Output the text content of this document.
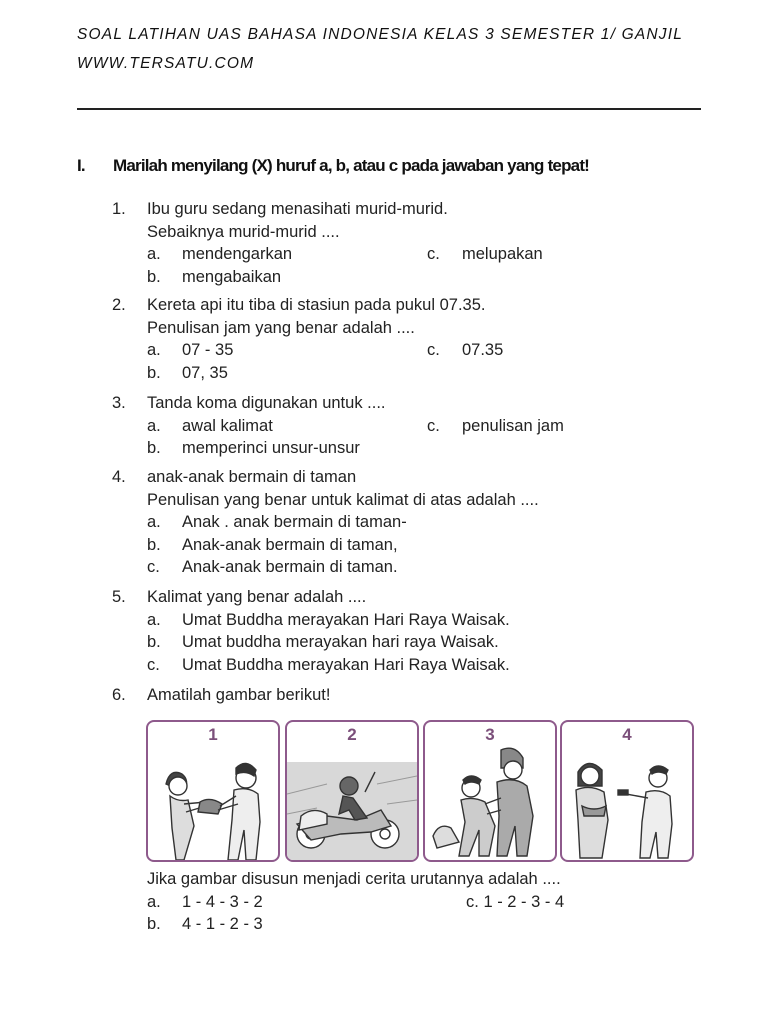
SOAL LATIHAN UAS BAHASA INDONESIA KELAS 3 SEMESTER 1/ GANJIL
WWW.TERSATU.COM
I. Marilah menyilang (X) huruf a, b, atau c pada jawaban yang tepat!
1.	Ibu guru sedang menasihati murid-murid.
Sebaiknya murid-murid ....
a. mendengarkan	c. melupakan
b. mengabaikan
2.	Kereta api itu tiba di stasiun pada pukul 07.35.
Penulisan jam yang benar adalah ....
a. 07 - 35	c. 07.35
b. 07, 35
3.	Tanda koma digunakan untuk ....
a. awal kalimat	c. penulisan jam
b. memperinci unsur-unsur
4.	anak-anak bermain di taman
Penulisan yang benar untuk kalimat di atas adalah ....
a. Anak . anak bermain di taman-
b. Anak-anak bermain di taman,
c. Anak-anak bermain di taman.
5.	Kalimat yang benar adalah ....
a. Umat Buddha merayakan Hari Raya Waisak.
b. Umat buddha merayakan hari raya Waisak.
c. Umat Buddha merayakan Hari Raya Waisak.
6.	Amatilah gambar berikut!
1	2	3	4
Jika gambar disusun menjadi cerita urutannya adalah ....
a. 1 - 4 - 3 - 2	c. 1 - 2 - 3 - 4
b. 4 - 1 - 2 - 3
